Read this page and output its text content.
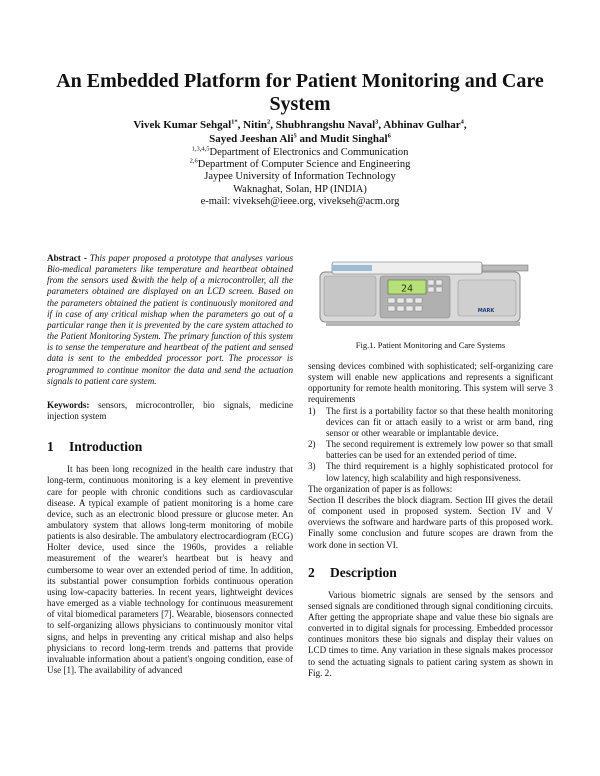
An Embedded Platform for Patient Monitoring and Care System
Vivek Kumar Sehgal$^{1*}$, Nitin$^2$, Shubhrangshu Naval$^3$, Abhinav Gulhar$^4$,
Sayed Jeeshan Ali$^5$ and Mudit Singhal$^6$
$^{1,3,4,5}$Department of Electronics and Communication
$^{2,6}$Department of Computer Science and Engineering
Jaypee University of Information Technology
Waknaghat, Solan, HP (INDIA)
e-mail: vivekseh@ieee.org, vivekseh@acm.org
Abstract - This paper proposed a prototype that analyses various Bio-medical parameters like temperature and heartbeat obtained from the sensors used &with the help of a microcontroller, all the parameters obtained are displayed on an LCD screen. Based on the parameters obtained the patient is continuously monitored and if in case of any critical mishap when the parameters go out of a particular range then it is prevented by the care system attached to the Patient Monitoring System. The primary function of this system is to sense the temperature and heartbeat of the patient and sensed data is sent to the embedded processor port. The processor is programmed to continue monitor the data and send the actuation signals to patient care system.
Keywords: sensors, microcontroller, bio signals, medicine injection system
1 Introduction
It has been long recognized in the health care industry that long-term, continuous monitoring is a key element in preventive care for people with chronic conditions such as cardiovascular disease. A typical example of patient monitoring is a home care device, such as an electronic blood pressure or glucose meter. An ambulatory system that allows long-term monitoring of mobile patients is also desirable. The ambulatory electrocardiogram (ECG) Holter device, used since the 1960s, provides a reliable measurement of the wearer's heartbeat but is heavy and cumbersome to wear over an extended period of time. In addition, its substantial power consumption forbids continuous operation using low-capacity batteries. In recent years, lightweight devices have emerged as a viable technology for continuous measurement of vital biomedical parameters [7]. Wearable, biosensors connected to self-organizing allows physicians to continuously monitor vital signs, and helps in preventing any critical mishap and also helps physicians to record long-term trends and patterns that provide invaluable information about a patient's ongoing condition, ease of Use [1]. The availability of advanced
24
MARK
Fig.1. Patient Monitoring and Care Systems
sensing devices combined with sophisticated; self-organizing care system will enable new applications and represents a significant opportunity for remote health monitoring. This system will serve 3 requirements
1)	The first is a portability factor so that these health monitoring devices can fit or attach easily to a wrist or arm band, ring sensor or other wearable or implantable device.
2)	The second requirement is extremely low power so that small batteries can be used for an extended period of time.
3)	The third requirement is a highly sophisticated protocol for low latency, high scalability and high responsiveness.
The organization of paper is as follows:
Section II describes the block diagram. Section III gives the detail of component used in proposed system. Section IV and V overviews the software and hardware parts of this proposed work. Finally some conclusion and future scopes are drawn from the work done in section VI.
2 Description
Various biometric signals are sensed by the sensors and sensed signals are conditioned through signal conditioning circuits. After getting the appropriate shape and value these bio signals are converted in to digital signals for processing. Embedded processor continues monitors these bio signals and display their values on LCD times to time. Any variation in these signals makes processor to send the actuating signals to patient caring system as shown in Fig. 2.
